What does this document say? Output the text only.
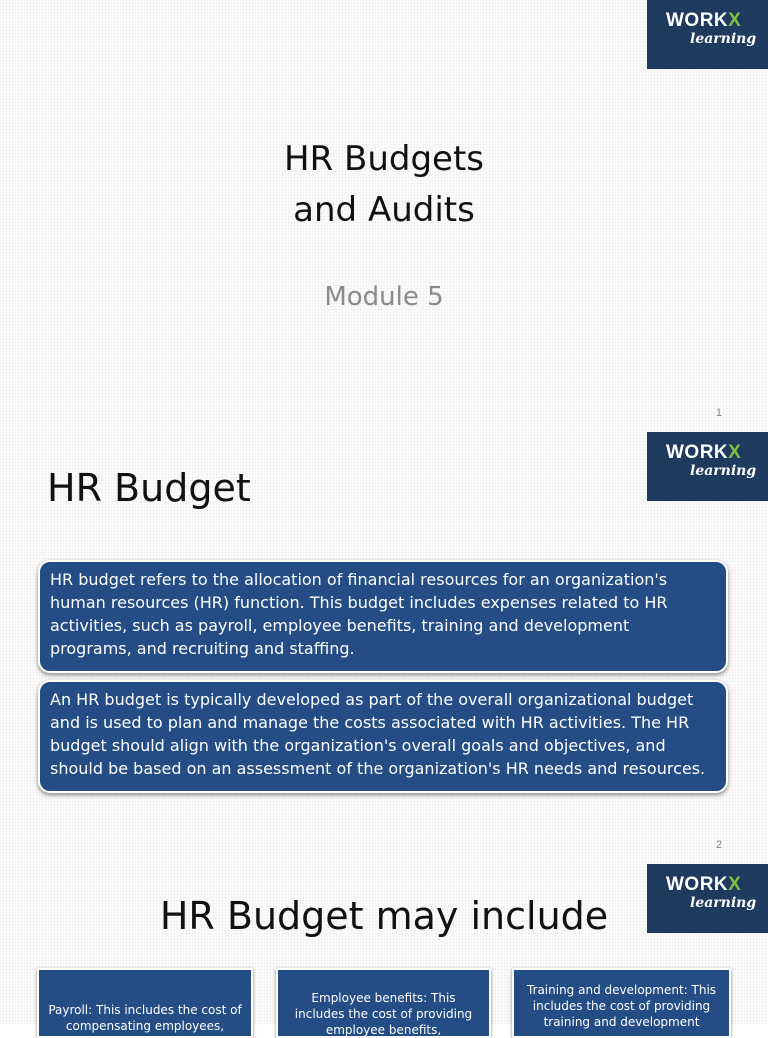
WORKX
learning
HR Budgets
and Audits
Module 5
1
WORKX
learning
HR Budget
HR budget refers to the allocation of financial resources for an organization's human resources (HR) function. This budget includes expenses related to HR activities, such as payroll, employee benefits, training and development programs, and recruiting and staffing.
An HR budget is typically developed as part of the overall organizational budget and is used to plan and manage the costs associated with HR activities. The HR budget should align with the organization's overall goals and objectives, and should be based on an assessment of the organization's HR needs and resources.
2
WORKX
learning
HR Budget may include
Payroll: This includes the cost of compensating employees,
Employee benefits: This includes the cost of providing employee benefits,
Training and development: This includes the cost of providing training and development
